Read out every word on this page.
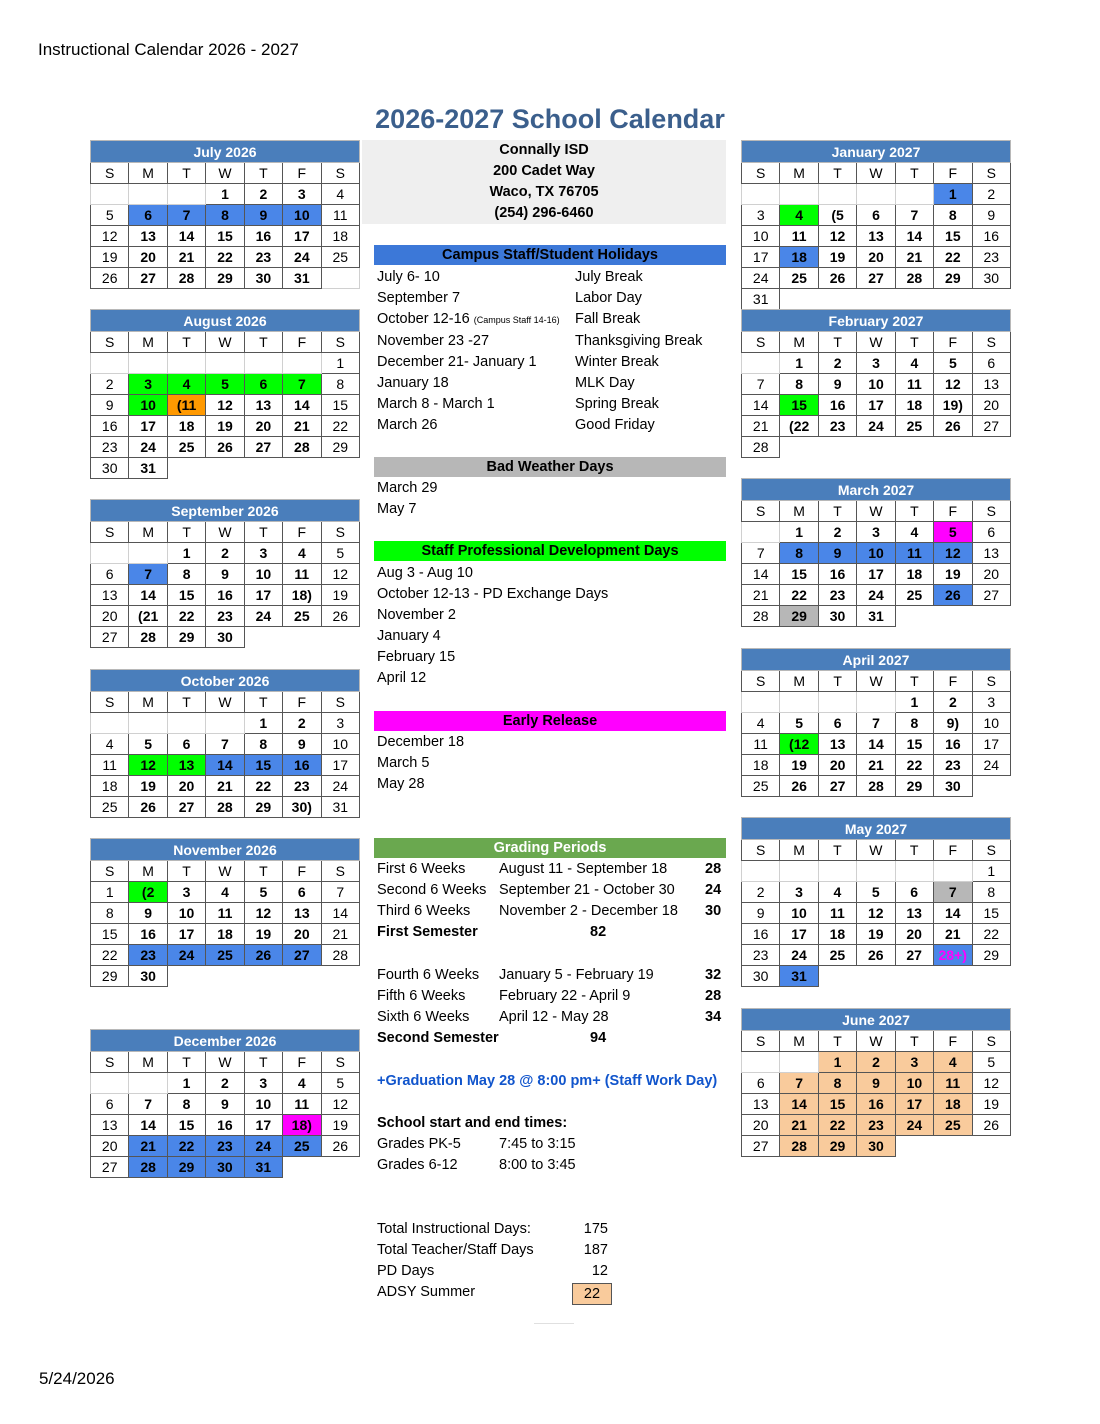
Instructional Calendar 2026 - 2027
2026-2027 School Calendar
5/24/2026
July 2026						
S	M	T	W	T	F	S
			1	2	3	4
5	6	7	8	9	10	11
12	13	14	15	16	17	18
19	20	21	22	23	24	25
26	27	28	29	30	31	
August 2026						
S	M	T	W	T	F	S
						1
2	3	4	5	6	7	8
9	10	(11	12	13	14	15
16	17	18	19	20	21	22
23	24	25	26	27	28	29
30	31					
September 2026						
S	M	T	W	T	F	S
		1	2	3	4	5
6	7	8	9	10	11	12
13	14	15	16	17	18)	19
20	(21	22	23	24	25	26
27	28	29	30			
October 2026						
S	M	T	W	T	F	S
				1	2	3
4	5	6	7	8	9	10
11	12	13	14	15	16	17
18	19	20	21	22	23	24
25	26	27	28	29	30)	31
November 2026						
S	M	T	W	T	F	S
1	(2	3	4	5	6	7
8	9	10	11	12	13	14
15	16	17	18	19	20	21
22	23	24	25	26	27	28
29	30					
December 2026						
S	M	T	W	T	F	S
		1	2	3	4	5
6	7	8	9	10	11	12
13	14	15	16	17	18)	19
20	21	22	23	24	25	26
27	28	29	30	31		
January 2027						
S	M	T	W	T	F	S
					1	2
3	4	(5	6	7	8	9
10	11	12	13	14	15	16
17	18	19	20	21	22	23
24	25	26	27	28	29	30
31						
February 2027						
S	M	T	W	T	F	S
	1	2	3	4	5	6
7	8	9	10	11	12	13
14	15	16	17	18	19)	20
21	(22	23	24	25	26	27
28						
March 2027						
S	M	T	W	T	F	S
	1	2	3	4	5	6
7	8	9	10	11	12	13
14	15	16	17	18	19	20
21	22	23	24	25	26	27
28	29	30	31			
April 2027						
S	M	T	W	T	F	S
				1	2	3
4	5	6	7	8	9)	10
11	(12	13	14	15	16	17
18	19	20	21	22	23	24
25	26	27	28	29	30	
May 2027						
S	M	T	W	T	F	S
						1
2	3	4	5	6	7	8
9	10	11	12	13	14	15
16	17	18	19	20	21	22
23	24	25	26	27	28+)	29
30	31					
June 2027						
S	M	T	W	T	F	S
		1	2	3	4	5
6	7	8	9	10	11	12
13	14	15	16	17	18	19
20	21	22	23	24	25	26
27	28	29	30			
Connally ISD
200 Cadet Way
Waco, TX 76705
(254) 296-6460
Campus Staff/Student Holidays
July 6- 10	July Break
September 7	Labor Day
October 12-16 (Campus Staff 14-16) Fall Break
November 23 -27	Thanksgiving Break
December 21- January 1	Winter Break
January 18	MLK Day
March 8 - March 1	Spring Break
March 26	Good Friday
Bad Weather Days
March 29
May 7
Staff Professional Development Days
Aug 3 - Aug 10
October 12-13 - PD Exchange Days
November 2
January 4
February 15
April 12
Early Release
December 18
March 5
May 28
Grading Periods
First 6 Weeks August 11 - September 18	28
Second 6 Weeks September 21 - October 30 24
Third 6 Weeks November 2 - December 18 30
First Semester	82
Fourth 6 Weeks January 5 - February 19	32
Fifth 6 Weeks February 22 - April 9	28
Sixth 6 Weeks April 12 - May 28	34
Second Semester	94
+Graduation May 28 @ 8:00 pm+ (Staff Work Day)
School start and end times:
Grades PK-5	7:45 to 3:15
Grades 6-12	8:00 to 3:45
Total Instructional Days:	175
Total Teacher/Staff Days	187
PD Days	12
ADSY Summer	22
